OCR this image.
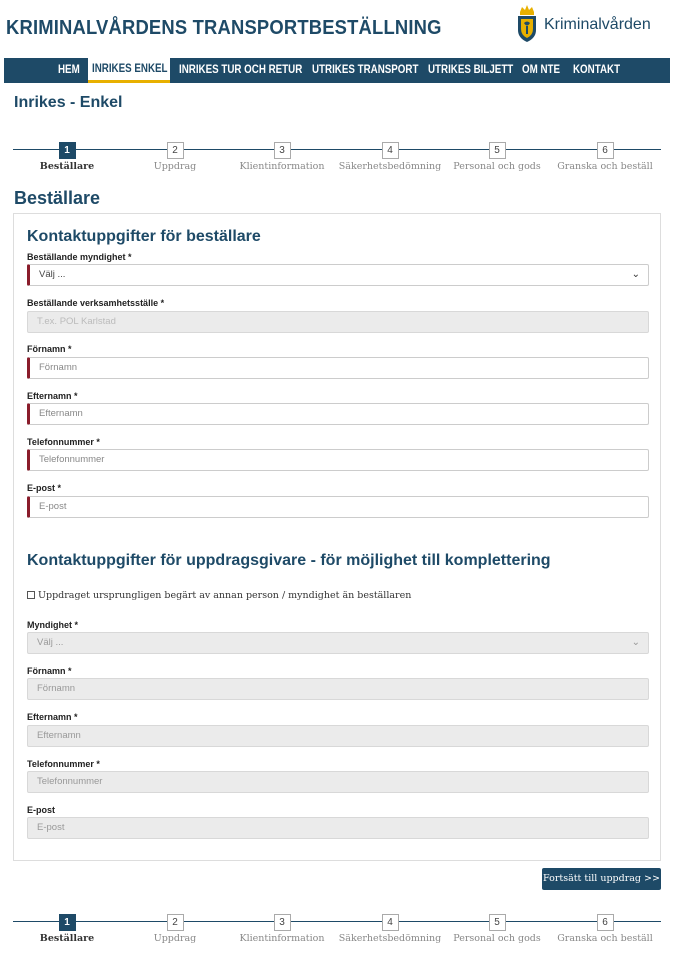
KRIMINALVÅRDENS TRANSPORTBESTÄLLNING	Kriminalvården
HEM	INRIKES ENKEL INRIKES TUR OCH RETUR UTRIKES TRANSPORT UTRIKES BILJETT OM NTE	KONTAKT
Inrikes - Enkel
1
Beställare
2
Uppdrag
3
Klientinformation
4
Säkerhetsbedömning
5
Personal och gods
6
Granska och beställ
Beställare
Kontaktuppgifter för beställare
Beställande myndighet *
Välj ...	⌄
Beställande verksamhetsställe *
T.ex. POL Karlstad
Förnamn *
Förnamn
Efternamn *
Efternamn
Telefonnummer *
Telefonnummer
E-post *
E-post
Kontaktuppgifter för uppdragsgivare - för möjlighet till komplettering
Uppdraget ursprungligen begärt av annan person / myndighet än beställaren
Myndighet *
Välj ...	⌄
Förnamn *
Förnamn
Efternamn *
Efternamn
Telefonnummer *
Telefonnummer
E-post
E-post
Fortsätt till uppdrag >>
1
Beställare
2
Uppdrag
3
Klientinformation
4
Säkerhetsbedömning
5
Personal och gods
6
Granska och beställ
